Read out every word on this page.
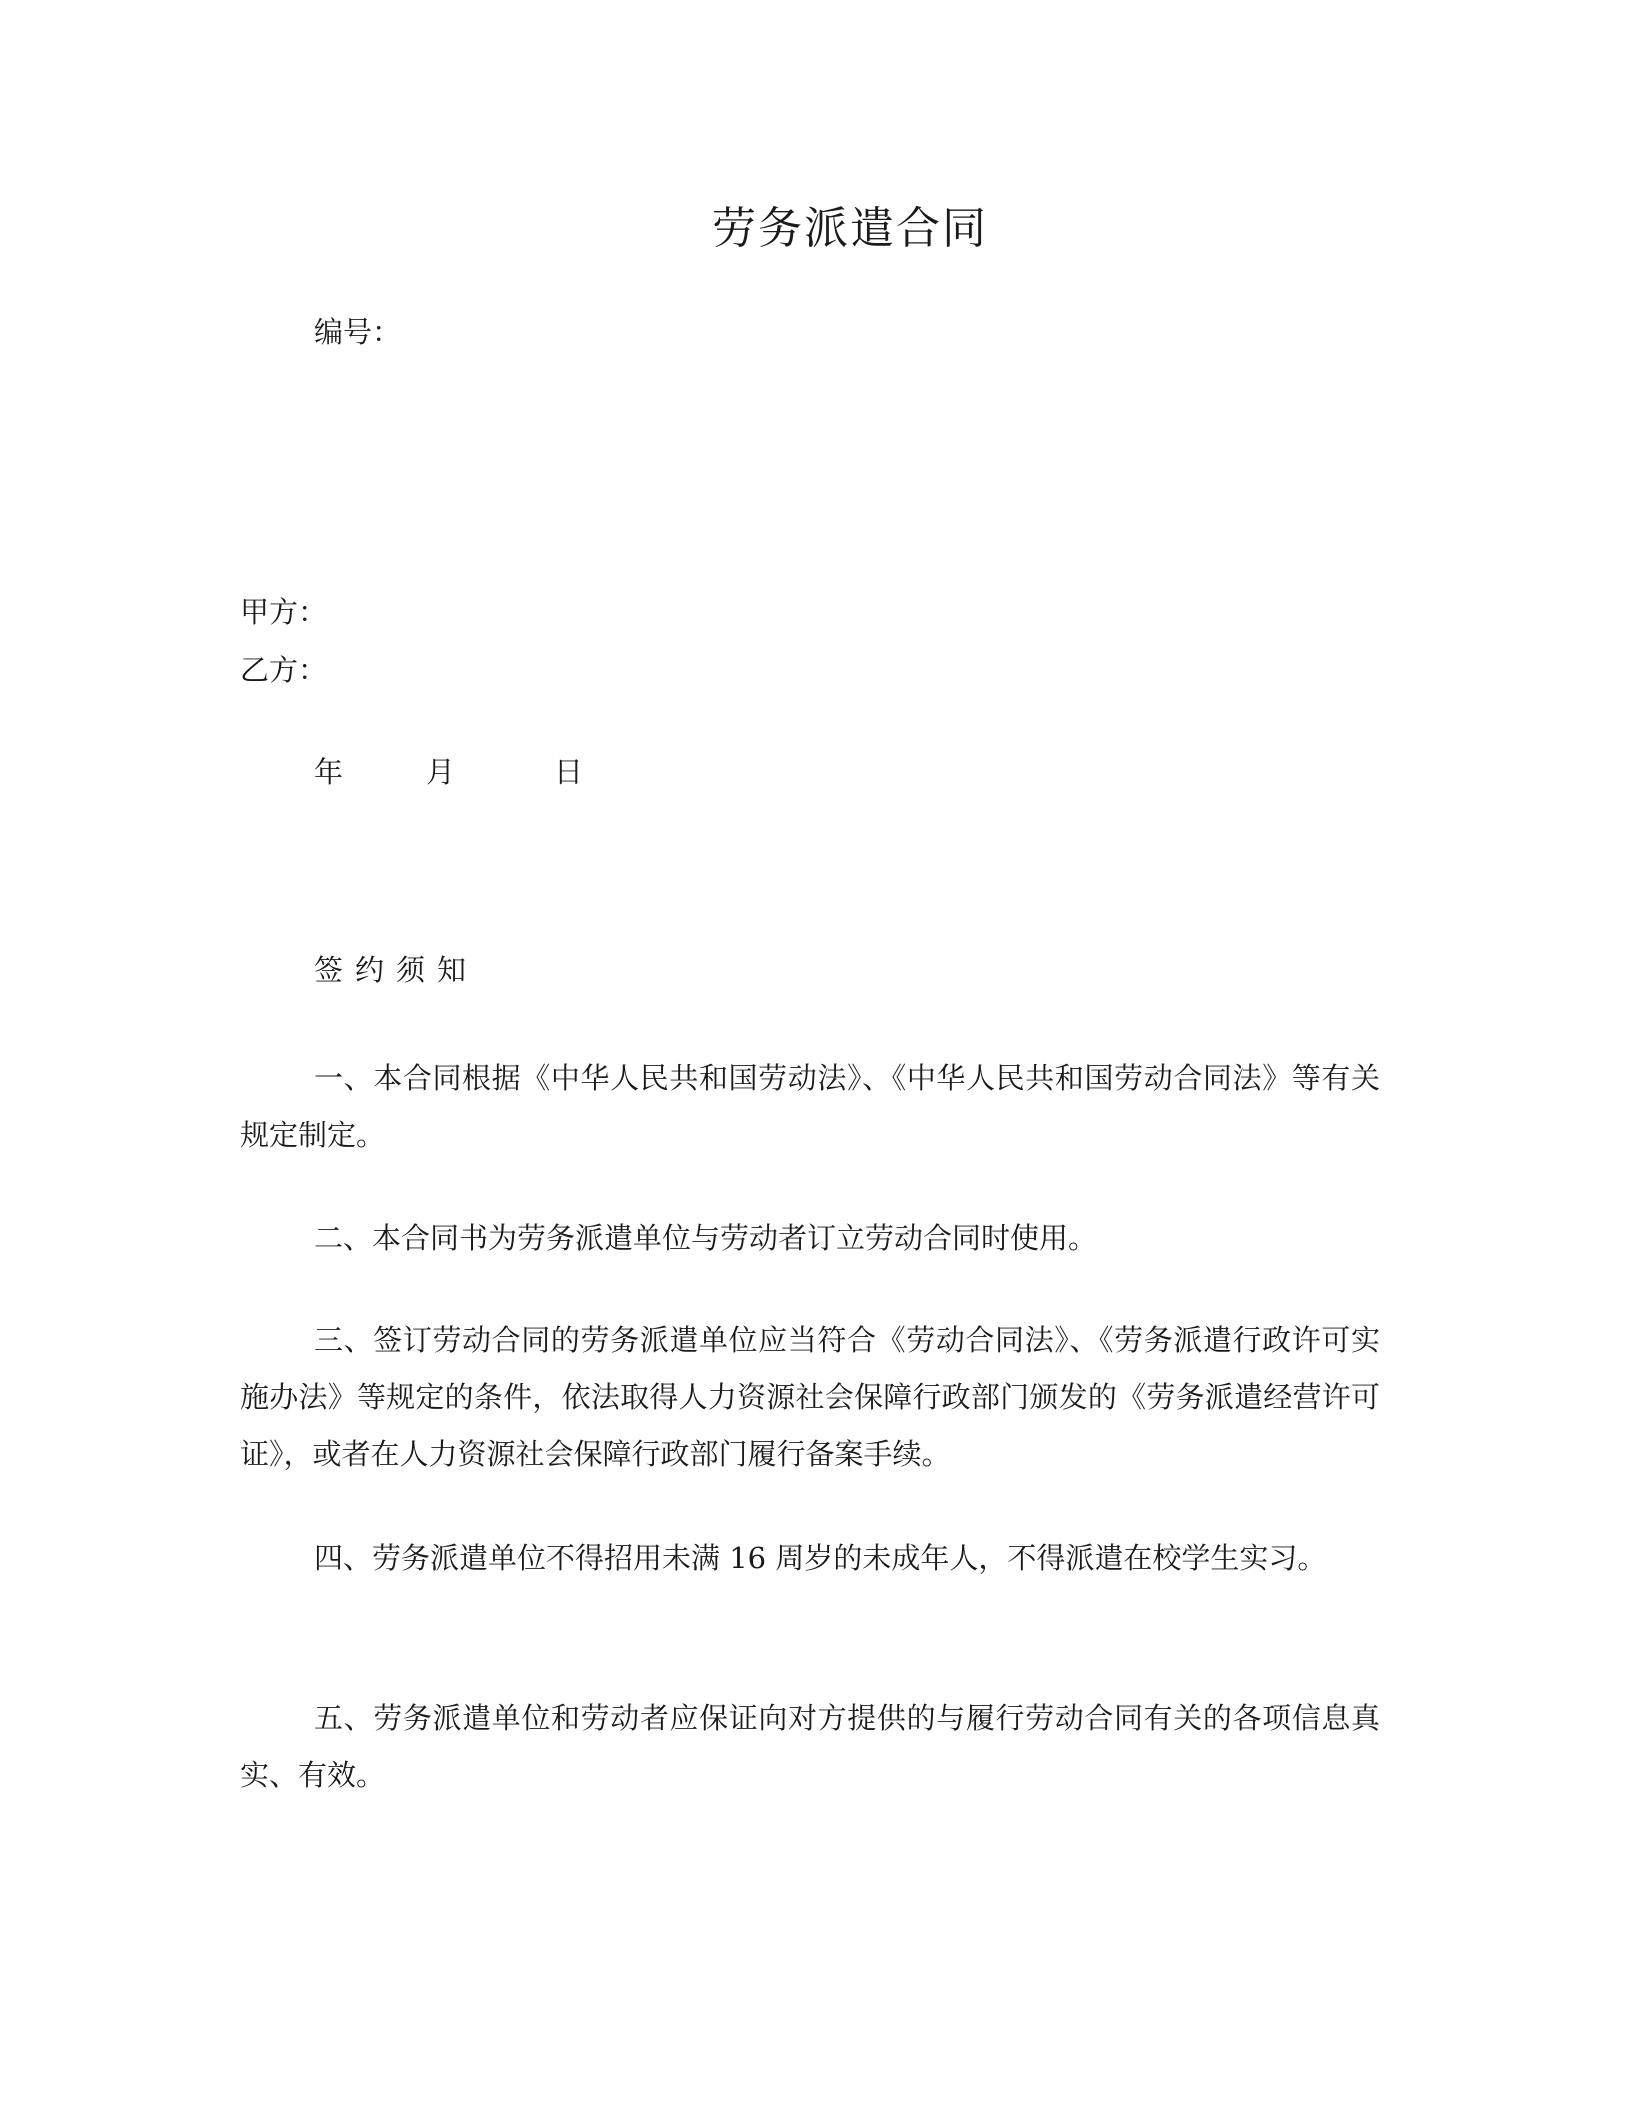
劳务派遣合同

编号：

甲方：

乙方：

年	月	日

签约须知

一、本合同根据《中华人民共和国劳动法》、《中华人民共和国劳动合同法》等有关规定制定。

二、本合同书为劳务派遣单位与劳动者订立劳动合同时使用。

三、签订劳动合同的劳务派遣单位应当符合《劳动合同法》、《劳务派遣行政许可实施办法》等规定的条件，依法取得人力资源社会保障行政部门颁发的《劳务派遣经营许可证》，或者在人力资源社会保障行政部门履行备案手续。

四、劳务派遣单位不得招用未满 16 周岁的未成年人，不得派遣在校学生实习。

五、劳务派遣单位和劳动者应保证向对方提供的与履行劳动合同有关的各项信息真实、有效。
